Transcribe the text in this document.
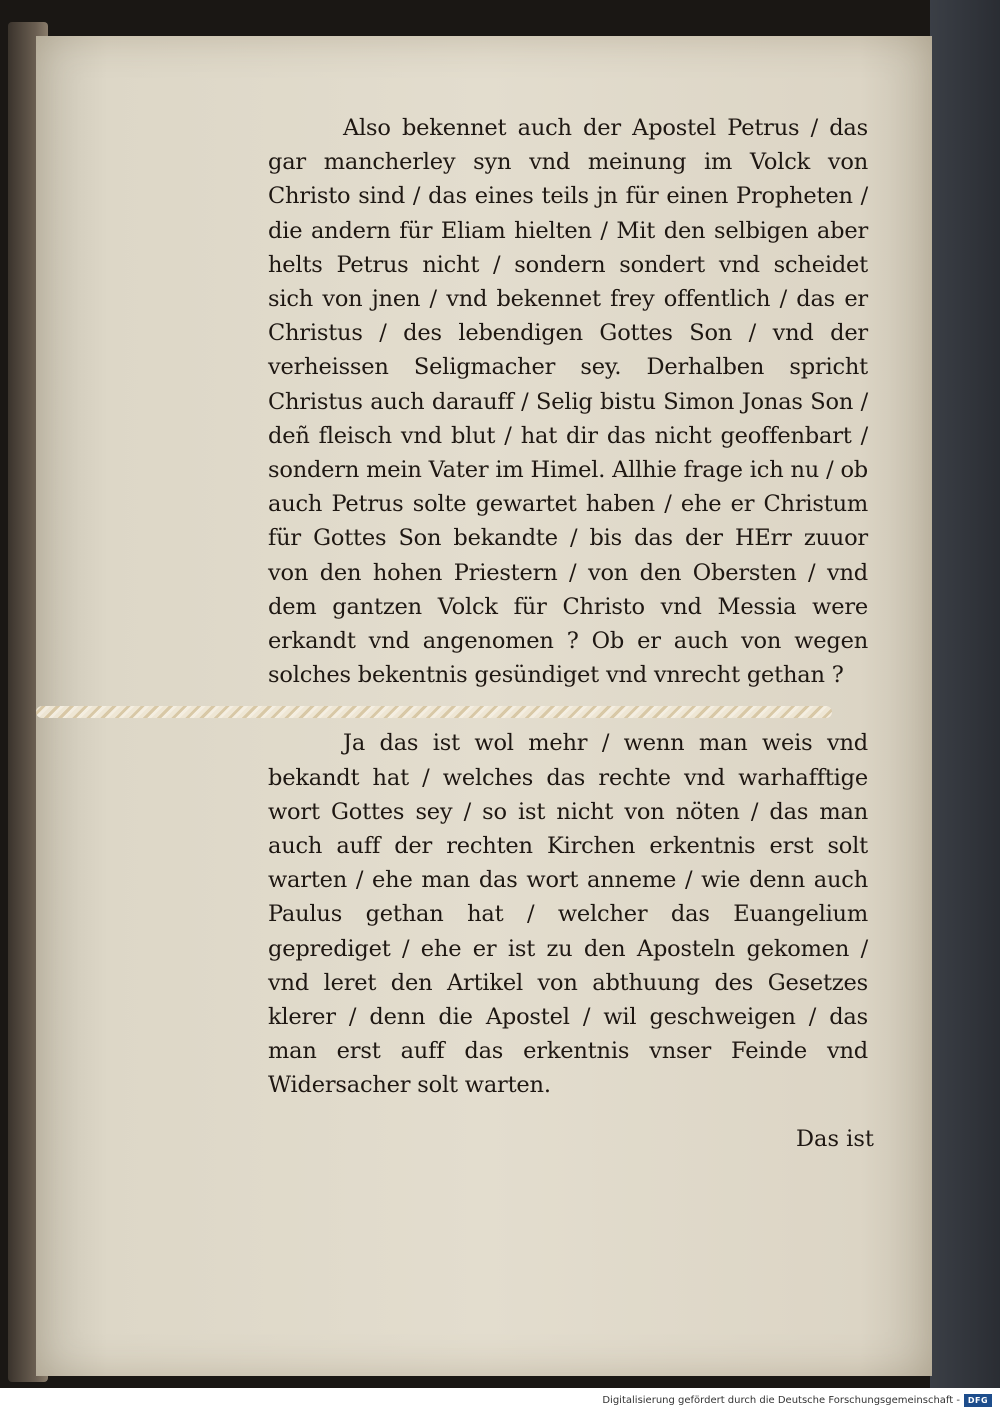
Also bekennet auch der Apostel Petrus / das gar mancherley syn vnd meinung im Volck von Christo sind / das eines teils jn für einen Propheten / die andern für Eliam hielten / Mit den selbigen aber helts Petrus nicht / sondern sondert vnd scheidet sich von jnen / vnd bekennet frey offentlich / das er Christus / des lebendigen Gottes Son / vnd der verheissen Seligmacher sey. Derhalben spricht Christus auch darauff / Selig bistu Simon Jonas Son / deñ fleisch vnd blut / hat dir das nicht geoffenbart / sondern mein Vater im Himel. Allhie frage ich nu / ob auch Petrus solte gewartet haben / ehe er Christum für Gottes Son bekandte / bis das der HErr zuuor von den hohen Priestern / von den Obersten / vnd dem gantzen Volck für Christo vnd Messia were erkandt vnd angenomen ? Ob er auch von wegen solches bekentnis gesündiget vnd vnrecht gethan ?

Ja das ist wol mehr / wenn man weis vnd bekandt hat / welches das rechte vnd warhafftige wort Gottes sey / so ist nicht von nöten / das man auch auff der rechten Kirchen erkentnis erst solt warten / ehe man das wort anneme / wie denn auch Paulus gethan hat / welcher das Euangelium geprediget / ehe er ist zu den Aposteln gekomen / vnd leret den Artikel von abthuung des Gesetzes klerer / denn die Apostel / wil geschweigen / das man erst auff das erkentnis vnser Feinde vnd Widersacher solt warten.

Das ist
Digitalisierung gefördert durch die Deutsche Forschungsgemeinschaft - DFG
